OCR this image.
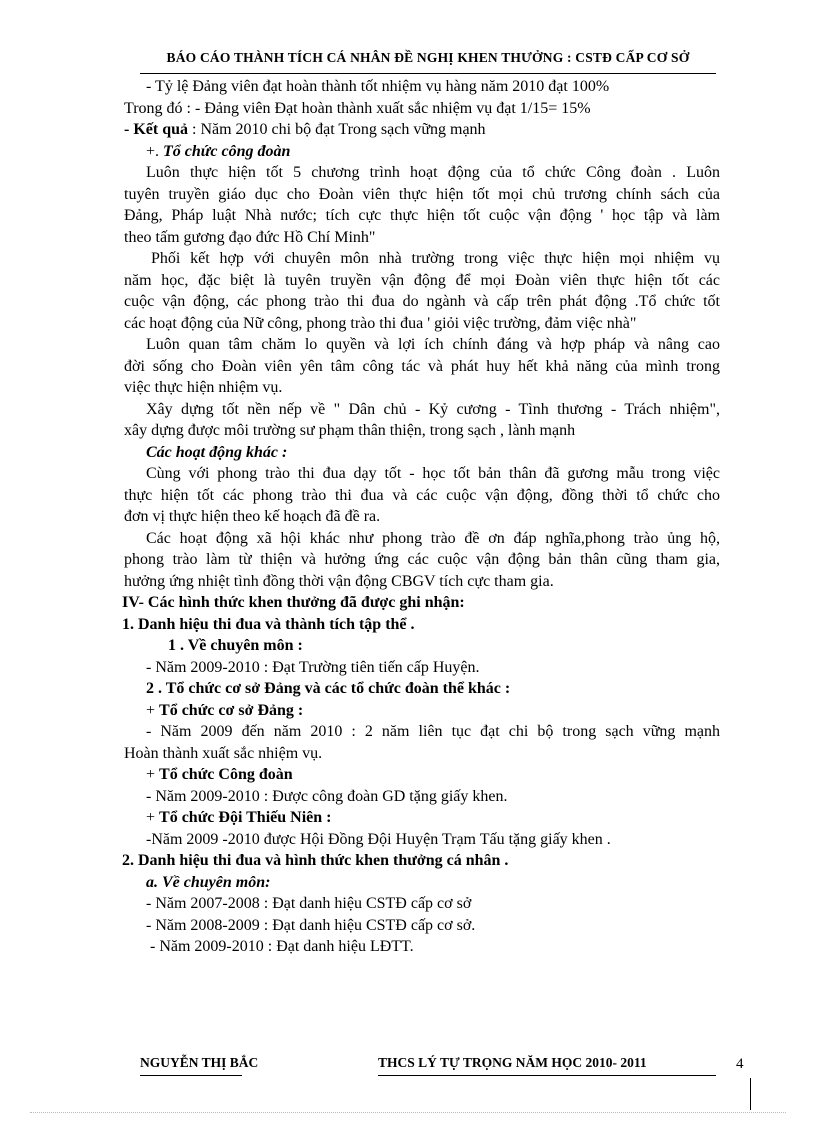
BÁO CÁO THÀNH TÍCH CÁ NHÂN ĐỀ NGHỊ KHEN THƯỞNG : CSTĐ CẤP CƠ SỞ

- Tỷ lệ Đảng viên đạt hoàn thành tốt nhiệm vụ hàng năm 2010 đạt 100%

Trong đó : - Đảng viên Đạt hoàn thành xuất sắc nhiệm vụ đạt 1/15= 15%

- Kết quả : Năm 2010 chi bộ đạt Trong sạch vững mạnh

+. Tổ chức công đoàn

Luôn thực hiện tốt 5 chương trình hoạt động của tổ chức Công đoàn . Luôn

tuyên truyền giáo dục cho Đoàn viên thực hiện tốt mọi chủ trương chính sách của

Đảng, Pháp luật Nhà nước; tích cực thực hiện tốt cuộc vận động ' học tập và làm

theo tấm gương đạo đức Hồ Chí Minh"

Phối kết hợp với chuyên môn nhà trường trong việc thực hiện mọi nhiệm vụ

năm học, đặc biệt là tuyên truyền vận động để mọi Đoàn viên thực hiện tốt các

cuộc vận động, các phong trào thi đua do ngành và cấp trên phát động .Tổ chức tốt

các hoạt động của Nữ công, phong trào thi đua ' giỏi việc trường, đảm việc nhà"

Luôn quan tâm chăm lo quyền và lợi ích chính đáng và hợp pháp và nâng cao

đời sống cho Đoàn viên yên tâm công tác và phát huy hết khả năng của mình trong

việc thực hiện nhiệm vụ.

Xây dựng tốt nền nếp về " Dân chủ - Kỷ cương - Tình thương - Trách nhiệm",

xây dựng được môi trường sư phạm thân thiện, trong sạch , lành mạnh

Các hoạt động khác :

Cùng với phong trào thi đua dạy tốt - học tốt bản thân đã gương mẫu trong việc

thực hiện tốt các phong trào thi đua và các cuộc vận động, đồng thời tổ chức cho

đơn vị thực hiện theo kế hoạch đã đề ra.

Các hoạt động xã hội khác như phong trào đề ơn đáp nghĩa,phong trào ủng hộ,

phong trào làm từ thiện và hưởng ứng các cuộc vận động bản thân cũng tham gia,

hưởng ứng nhiệt tình đồng thời vận động CBGV tích cực tham gia.

IV- Các hình thức khen thưởng đã được ghi nhận:

1. Danh hiệu thi đua và thành tích tập thể .

1 . Về chuyên môn :

- Năm 2009-2010 : Đạt Trường tiên tiến cấp Huyện.

2 . Tổ chức cơ sở Đảng và các tổ chức đoàn thể khác :

+ Tổ chức cơ sở Đảng :

- Năm 2009 đến năm 2010 : 2 năm liên tục đạt chi bộ trong sạch vững mạnh

Hoàn thành xuất sắc nhiệm vụ.

+ Tổ chức Công đoàn

- Năm 2009-2010 : Được công đoàn GD tặng giấy khen.

+ Tổ chức Đội Thiếu Niên :

-Năm 2009 -2010 được Hội Đồng Đội Huyện Trạm Tấu tặng giấy khen .

2. Danh hiệu thi đua và hình thức khen thưởng cá nhân .

a. Về chuyên môn:

- Năm 2007-2008 : Đạt danh hiệu CSTĐ cấp cơ sở

- Năm 2008-2009 : Đạt danh hiệu CSTĐ cấp cơ sở.

- Năm 2009-2010 : Đạt danh hiệu LĐTT.

NGUYỄN THỊ BẮC	THCS LÝ TỰ TRỌNG NĂM HỌC 2010- 2011	4
